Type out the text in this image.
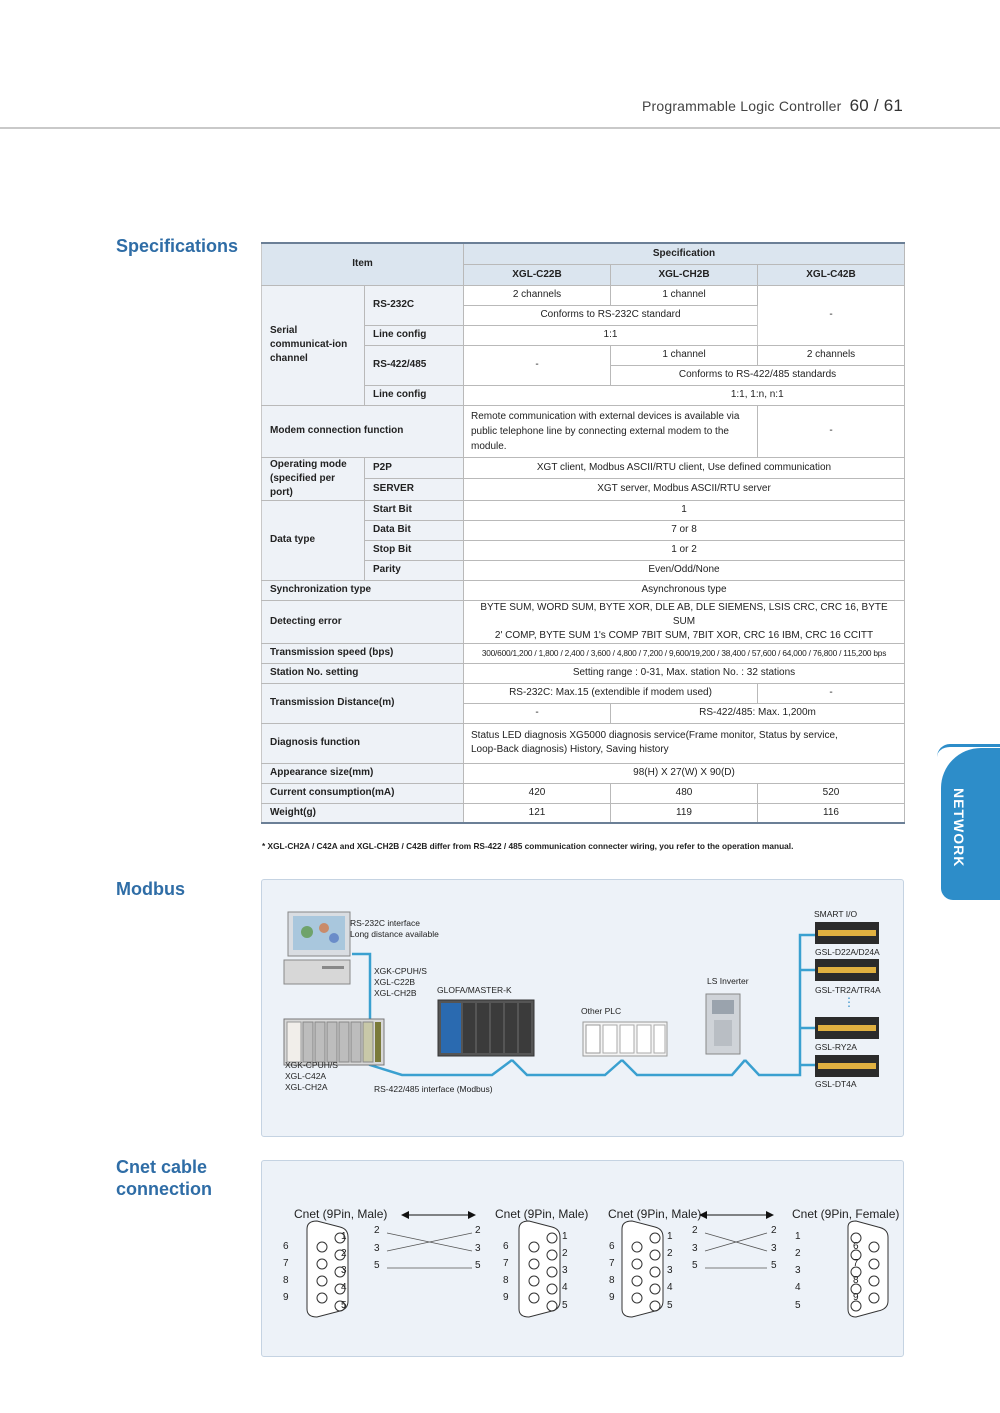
Programmable Logic Controller 60 / 61
Specifications
Modbus
Cnet cable
connection
NETWORK
Item		Specification		
		XGL-C22B	XGL-CH2B	XGL-C42B
Serial communicat-ion channel	RS-232C	2 channels	1 channel	-
		Conforms to RS-232C standard		
	Line config	1:1		
	RS-422/485	-	1 channel	2 channels
			Conforms to RS-422/485 standards	
	Line config		1:1, 1:n, n:1	
Modem connection function		Remote communication with external devices is available via public telephone line by connecting external modem to the module.		-
Operating mode (specified per port)	P2P	XGT client, Modbus ASCII/RTU client, Use defined communication		
	SERVER	XGT server, Modbus ASCII/RTU server		
Data type	Start Bit	1		
	Data Bit	7 or 8		
	Stop Bit	1 or 2		
	Parity	Even/Odd/None		
Synchronization type		Asynchronous type		
Detecting error		BYTE SUM, WORD SUM, BYTE XOR, DLE AB, DLE SIEMENS, LSIS CRC, CRC 16, BYTE SUM
2' COMP, BYTE SUM 1's COMP 7BIT SUM, 7BIT XOR, CRC 16 IBM, CRC 16 CCITT		

Transmission speed (bps)		300/600/1,200 / 1,800 / 2,400 / 3,600 / 4,800 / 7,200 / 9,600/19,200 / 38,400 / 57,600 / 64,000 / 76,800 / 115,200 bps		
Station No. setting		Setting range : 0-31, Max. station No. : 32 stations		
Transmission Distance(m)		RS-232C: Max.15 (extendible if modem used)		-
		-	RS-422/485: Max. 1,200m	
Diagnosis function		Status LED diagnosis XG5000 diagnosis service(Frame monitor, Status by service,
Loop-Back diagnosis) History, Saving history		

Appearance size(mm)		98(H) X 27(W) X 90(D)		
Current consumption(mA)		420	480	520
Weight(g)		121	119	116
* XGL-CH2A / C42A and XGL-CH2B / C42B differ from RS-422 / 485 communication connecter wiring, you refer to the operation manual.
RS-232C interface
Long distance available
XGK-CPUH/S
XGL-C22B
XGL-CH2B	GLOFA/MASTER-K
Other PLC
LS Inverter
XGK-CPUH/S
XGL-C42A
XGL-CH2A	RS-422/485 interface (Modbus)
SMART I/O
GSL-D22A/D24A
GSL-TR2A/TR4A
⋮
GSL-RY2A
GSL-DT4A
Cnet (9Pin, Male)	Cnet (9Pin, Male) Cnet (9Pin, Male)	Cnet (9Pin, Female)
1
2
3
4
5
6
7
8
9
2
3
5
2
3
5
6
7
8
9
1
2
3
4
5
6
7
8
9
1
2
3
4
5
2
3
5
2
3
5
1
2
3
4
5
6
7
8
9
